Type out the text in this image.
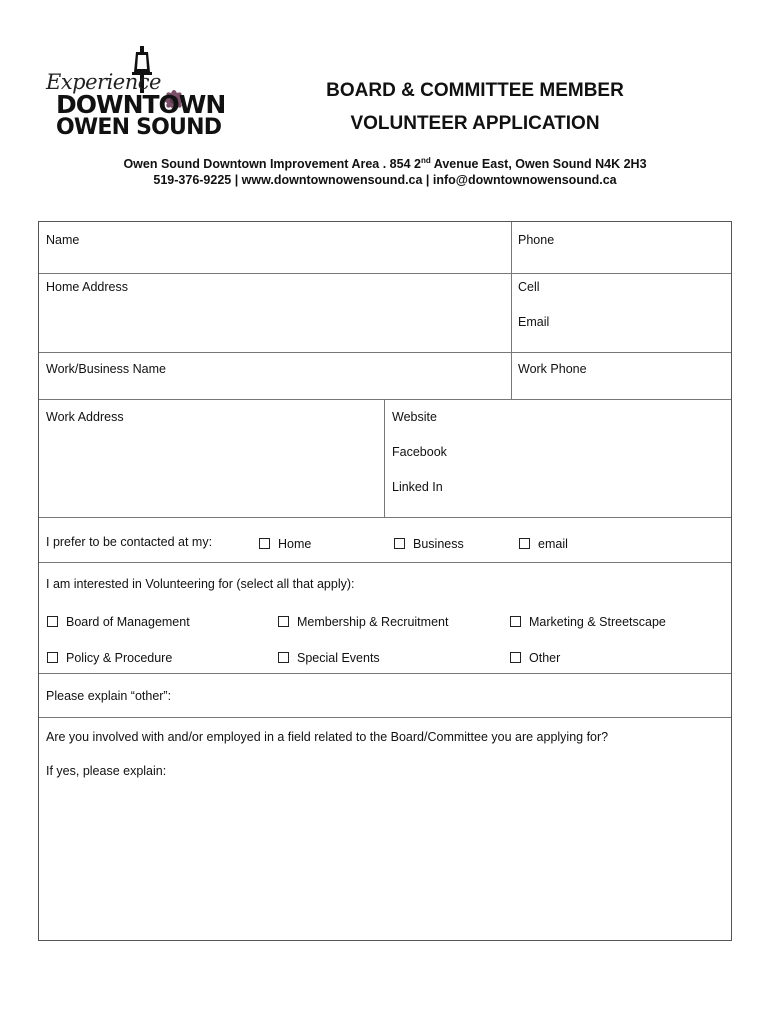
Experience
DOWNTOWN
OWEN SOUND
BOARD & COMMITTEE MEMBER
VOLUNTEER APPLICATION
Owen Sound Downtown Improvement Area . 854 2nd Avenue East, Owen Sound N4K 2H3
519-376-9225 | www.downtownowensound.ca | info@downtownowensound.ca
Name	Phone
Home Address	Cell
Email
Work/Business Name	Work Phone
Work Address	Website
Facebook
Linked In
I prefer to be contacted at my:	Home	Business	email
I am interested in Volunteering for (select all that apply):
Board of Management	Membership & Recruitment	Marketing & Streetscape
Policy & Procedure	Special Events	Other
Please explain “other”:
Are you involved with and/or employed in a field related to the Board/Committee you are applying for?
If yes, please explain:
